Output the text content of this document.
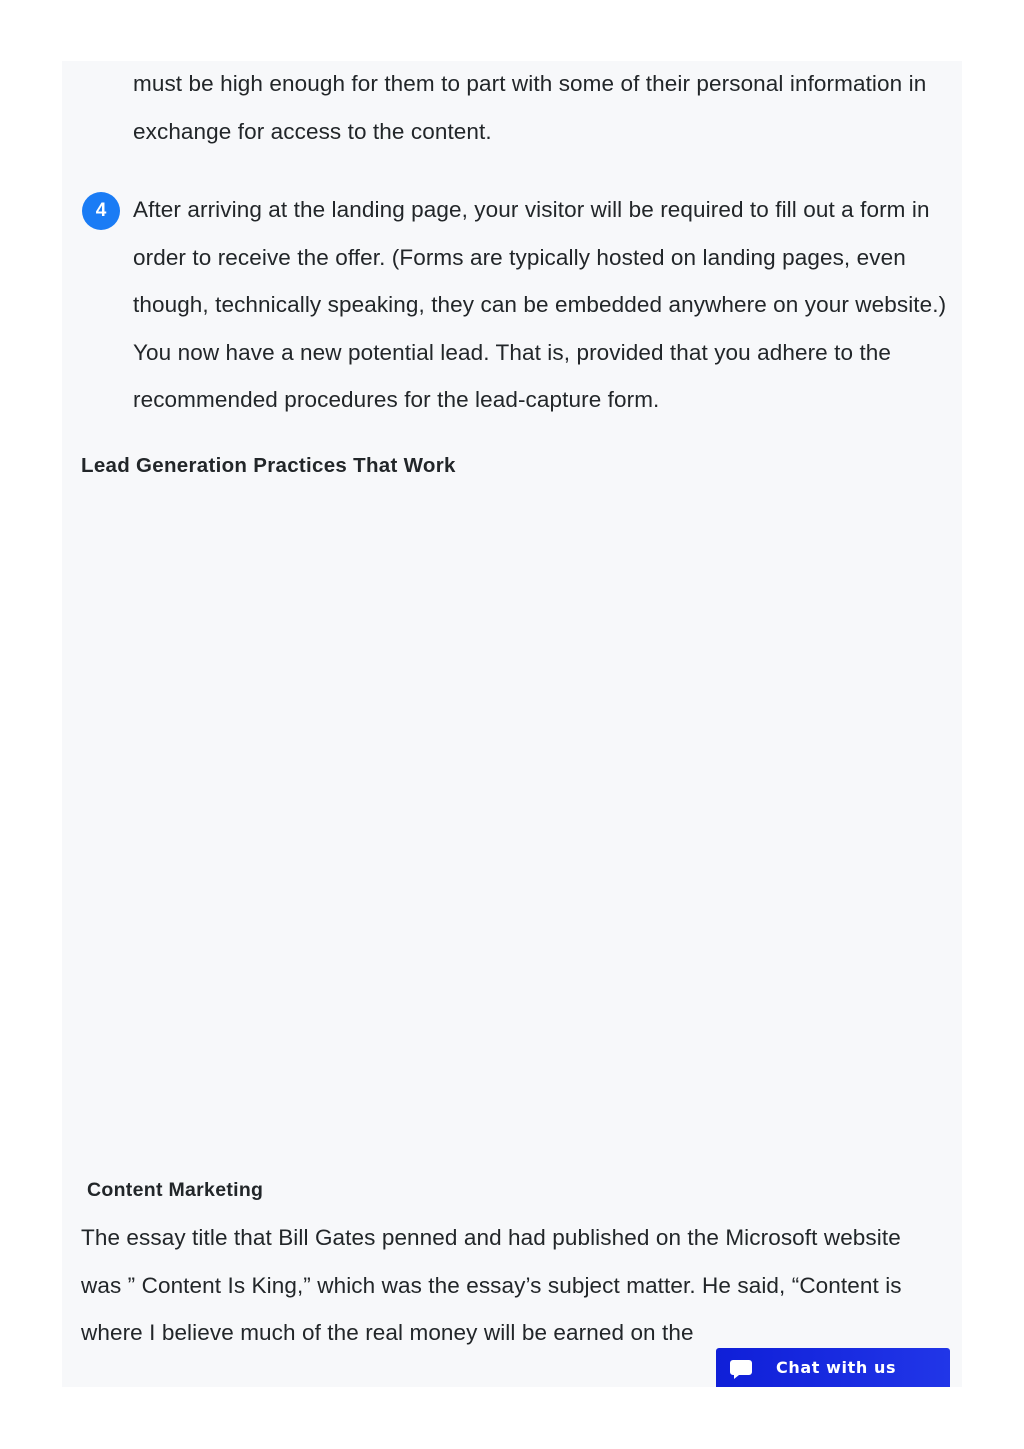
must be high enough for them to part with some of their personal information in exchange for access to the content.

4	After arriving at the landing page, your visitor will be required to fill out a form in order to receive the offer. (Forms are typically hosted on landing pages, even though, technically speaking, they can be embedded anywhere on your website.) You now have a new potential lead. That is, provided that you adhere to the recommended procedures for the lead-capture form.

Lead Generation Practices That Work
Content Marketing

The essay title that Bill Gates penned and had published on the Microsoft website was ” Content Is King,” which was the essay’s subject matter. He said, “Content is where I believe much of the real money will be earned on the

Chat with us
